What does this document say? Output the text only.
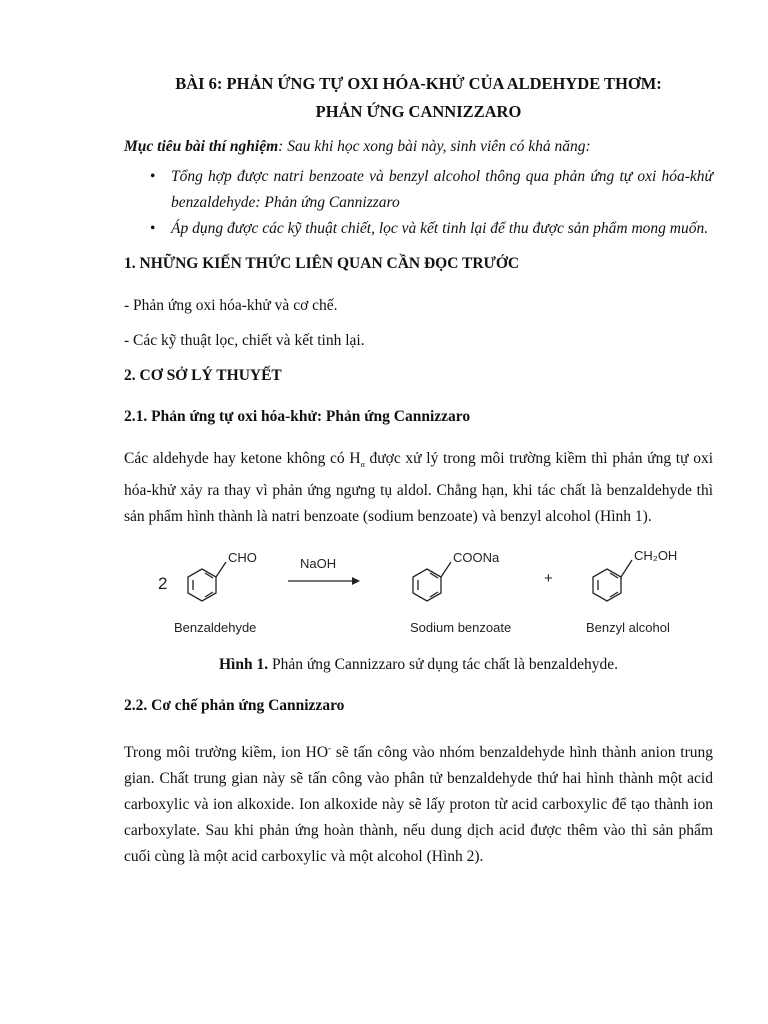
BÀI 6: PHẢN ỨNG TỰ OXI HÓA-KHỬ CỦA ALDEHYDE THƠM:

PHẢN ỨNG CANNIZZARO

Mục tiêu bài thí nghiệm: Sau khi học xong bài này, sinh viên có khả năng:

• Tổng hợp được natri benzoate và benzyl alcohol thông qua phản ứng tự oxi hóa-khử benzaldehyde: Phản ứng Cannizzaro
• Áp dụng được các kỹ thuật chiết, lọc và kết tinh lại để thu được sản phẩm mong muốn.

1. NHỮNG KIẾN THỨC LIÊN QUAN CẦN ĐỌC TRƯỚC

- Phản ứng oxi hóa-khử và cơ chế.

- Các kỹ thuật lọc, chiết và kết tinh lại.

2. CƠ SỞ LÝ THUYẾT

2.1. Phản ứng tự oxi hóa-khử: Phản ứng Cannizzaro

Các aldehyde hay ketone không có $H_\alpha$ được xử lý trong môi trường kiềm thì phản ứng tự oxi hóa-khử xảy ra thay vì phản ứng ngưng tụ aldol. Chẳng hạn, khi tác chất là benzaldehyde thì sản phẩm hình thành là natri benzoate (sodium benzoate) và benzyl alcohol (Hình 1).

2
CHO	NaOH	COONa
+
CH₂OH
Benzaldehyde	Sodium benzoate	Benzyl alcohol

Hình 1. Phản ứng Cannizzaro sử dụng tác chất là benzaldehyde.

2.2. Cơ chế phản ứng Cannizzaro

Trong môi trường kiềm, ion HO- sẽ tấn công vào nhóm benzaldehyde hình thành anion trung gian. Chất trung gian này sẽ tấn công vào phân tử benzaldehyde thứ hai hình thành một acid carboxylic và ion alkoxide. Ion alkoxide này sẽ lấy proton từ acid carboxylic để tạo thành ion carboxylate. Sau khi phản ứng hoàn thành, nếu dung dịch acid được thêm vào thì sản phẩm cuối cùng là một acid carboxylic và một alcohol (Hình 2).
